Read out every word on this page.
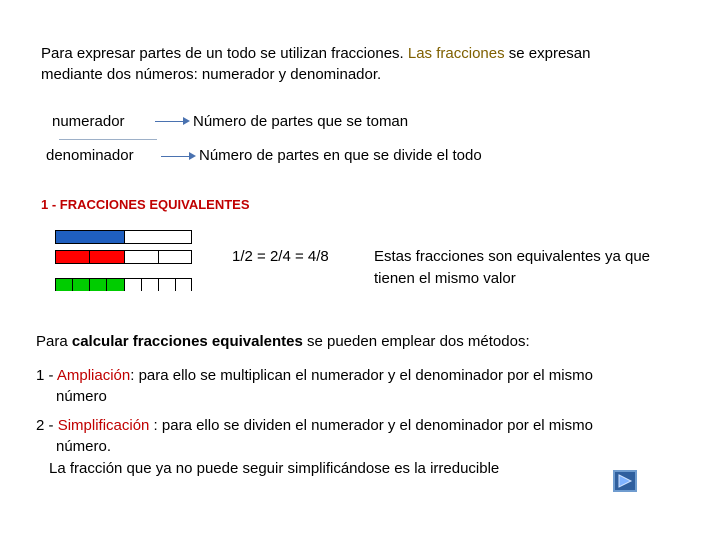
Para expresar partes de un todo se utilizan fracciones. Las fracciones se expresan
mediante dos números: numerador y denominador.
numerador	Número de partes que se toman
denominador	Número de partes en que se divide el todo
1 - FRACCIONES EQUIVALENTES
1/2 = 2/4 = 4/8	Estas fracciones son equivalentes ya que
tienen el mismo valor
Para calcular fracciones equivalentes se pueden emplear dos métodos:
1 - Ampliación: para ello se multiplican el numerador y el denominador por el mismo
número
2 - Simplificación : para ello se dividen el numerador y el denominador por el mismo
número.
La fracción que ya no puede seguir simplificándose es la irreducible
